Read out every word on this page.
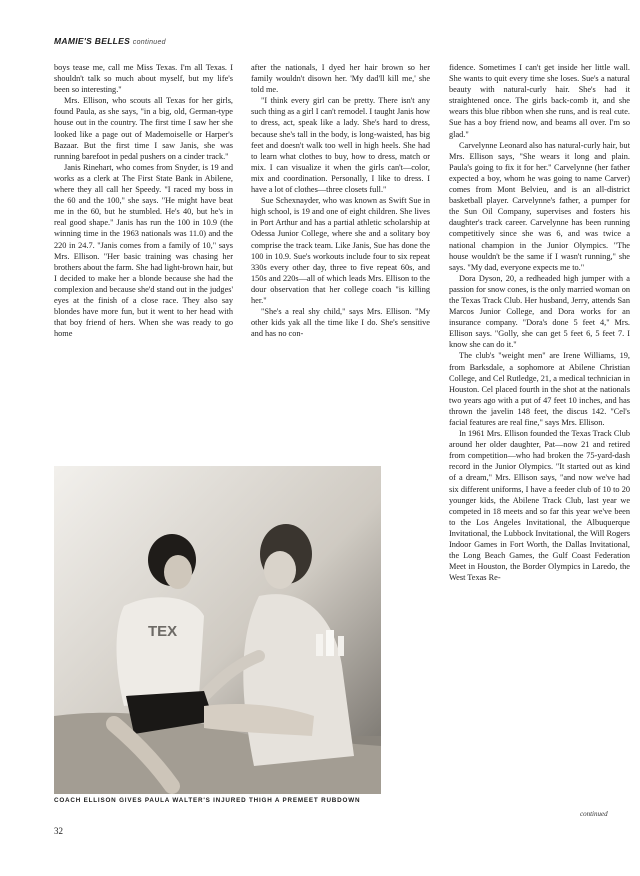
MAMIE'S BELLES continued

boys tease me, call me Miss Texas. I'm all Texas. I shouldn't talk so much about myself, but my life's been so interesting."

Mrs. Ellison, who scouts all Texas for her girls, found Paula, as she says, "in a big, old, German-type house out in the country. The first time I saw her she looked like a page out of Mademoiselle or Harper's Bazaar. But the first time I saw Janis, she was running barefoot in pedal pushers on a cinder track."

Janis Rinehart, who comes from Snyder, is 19 and works as a clerk at The First State Bank in Abilene, where they all call her Speedy. "I raced my boss in the 60 and the 100," she says. "He might have beat me in the 60, but he stumbled. He's 40, but he's in real good shape." Janis has run the 100 in 10.9 (the winning time in the 1963 nationals was 11.0) and the 220 in 24.7. "Janis comes from a family of 10," says Mrs. Ellison. "Her basic training was chasing her brothers about the farm. She had light-brown hair, but I decided to make her a blonde because she had the complexion and because she'd stand out in the judges' eyes at the finish of a close race. They also say blondes have more fun, but it went to her head with that boy friend of hers. When she was ready to go home

after the nationals, I dyed her hair brown so her family wouldn't disown her. 'My dad'll kill me,' she told me.

"I think every girl can be pretty. There isn't any such thing as a girl I can't remodel. I taught Janis how to dress, act, speak like a lady. She's hard to dress, because she's tall in the body, is long-waisted, has big feet and doesn't walk too well in high heels. She had to learn what clothes to buy, how to dress, match or mix. I can visualize it when the girls can't—color, mix and coordination. Personally, I like to dress. I have a lot of clothes—three closets full."

Sue Schexnayder, who was known as Swift Sue in high school, is 19 and one of eight children. She lives in Port Arthur and has a partial athletic scholarship at Odessa Junior College, where she and a solitary boy comprise the track team. Like Janis, Sue has done the 100 in 10.9. Sue's workouts include four to six repeat 330s every other day, three to five repeat 60s, and 150s and 220s—all of which leads Mrs. Ellison to the dour observation that her college coach "is killing her."

"She's a real shy child," says Mrs. Ellison. "My other kids yak all the time like I do. She's sensitive and has no con-

fidence. Sometimes I can't get inside her little wall. She wants to quit every time she loses. Sue's a natural beauty with natural-curly hair. She's had it straightened once. The girls back-comb it, and she wears this blue ribbon when she runs, and is real cute. Sue has a boy friend now, and beams all over. I'm so glad."

Carvelynne Leonard also has natural-curly hair, but Mrs. Ellison says, "She wears it long and plain. Paula's going to fix it for her." Carvelynne (her father expected a boy, whom he was going to name Carver) comes from Mont Belvieu, and is an all-district basketball player. Carvelynne's father, a pumper for the Sun Oil Company, supervises and fosters his daughter's track career. Carvelynne has been running competitively since she was 6, and was twice a national champion in the Junior Olympics. "The house wouldn't be the same if I wasn't running," she says. "My dad, everyone expects me to."

Dora Dyson, 20, a redheaded high jumper with a passion for snow cones, is the only married woman on the Texas Track Club. Her husband, Jerry, attends San Marcos Junior College, and Dora works for an insurance company. "Dora's done 5 feet 4," Mrs. Ellison says. "Golly, she can get 5 feet 6, 5 feet 7. I know she can do it."

The club's "weight men" are Irene Williams, 19, from Barksdale, a sophomore at Abilene Christian College, and Cel Rutledge, 21, a medical technician in Houston. Cel placed fourth in the shot at the nationals two years ago with a put of 47 feet 10 inches, and has thrown the javelin 148 feet, the discus 142. "Cel's facial features are real fine," says Mrs. Ellison.

In 1961 Mrs. Ellison founded the Texas Track Club around her older daughter, Pat—now 21 and retired from competition—who had broken the 75-yard-dash record in the Junior Olympics. "It started out as kind of a dream," Mrs. Ellison says, "and now we've had six different uniforms, I have a feeder club of 10 to 20 younger kids, the Abilene Track Club, last year we competed in 18 meets and so far this year we've been to the Los Angeles Invitational, the Albuquerque Invitational, the Lubbock Invitational, the Will Rogers Indoor Games in Fort Worth, the Dallas Invitational, the Long Beach Games, the Gulf Coast Federation Meet in Houston, the Border Olympics in Laredo, the West Texas Re-

TEX
COACH ELLISON GIVES PAULA WALTER'S INJURED THIGH A PREMEET RUBDOWN
continued
32
